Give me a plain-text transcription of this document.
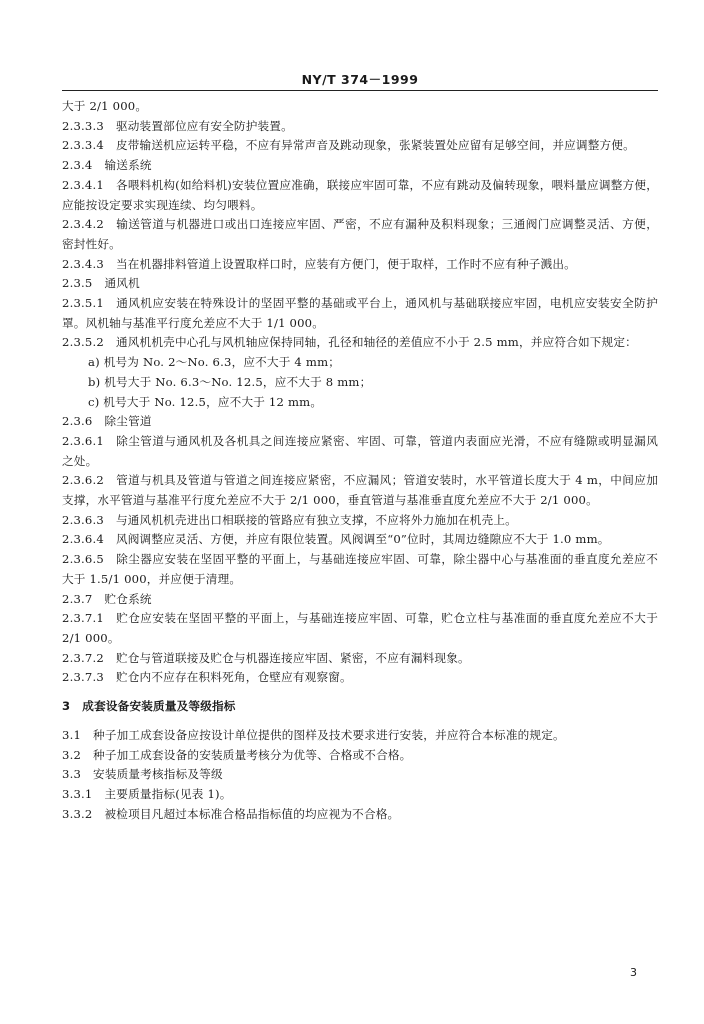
NY/T 374－1999

大于 2/1 000。

2.3.3.3 驱动装置部位应有安全防护装置。

2.3.3.4 皮带输送机应运转平稳，不应有异常声音及跳动现象，张紧装置处应留有足够空间，并应调整方便。

2.3.4 输送系统

2.3.4.1 各喂料机构(如给料机)安装位置应准确，联接应牢固可靠，不应有跳动及偏转现象，喂料量应调整方便，应能按设定要求实现连续、均匀喂料。

2.3.4.2 输送管道与机器进口或出口连接应牢固、严密，不应有漏种及积料现象；三通阀门应调整灵活、方便，密封性好。

2.3.4.3 当在机器排料管道上设置取样口时，应装有方便门，便于取样，工作时不应有种子溅出。

2.3.5 通风机

2.3.5.1 通风机应安装在特殊设计的坚固平整的基础或平台上，通风机与基础联接应牢固，电机应安装安全防护罩。风机轴与基准平行度允差应不大于 1/1 000。

2.3.5.2 通风机机壳中心孔与风机轴应保持同轴，孔径和轴径的差值应不小于 2.5 mm，并应符合如下规定：

a) 机号为 No. 2～No. 6.3，应不大于 4 mm；

b) 机号大于 No. 6.3～No. 12.5，应不大于 8 mm；

c) 机号大于 No. 12.5，应不大于 12 mm。

2.3.6 除尘管道

2.3.6.1 除尘管道与通风机及各机具之间连接应紧密、牢固、可靠，管道内表面应光滑，不应有缝隙或明显漏风之处。

2.3.6.2 管道与机具及管道与管道之间连接应紧密，不应漏风；管道安装时，水平管道长度大于 4 m，中间应加支撑，水平管道与基准平行度允差应不大于 2/1 000，垂直管道与基准垂直度允差应不大于 2/1 000。

2.3.6.3 与通风机机壳进出口相联接的管路应有独立支撑，不应将外力施加在机壳上。

2.3.6.4 风阀调整应灵活、方便，并应有限位装置。风阀调至“0”位时，其周边缝隙应不大于 1.0 mm。

2.3.6.5 除尘器应安装在坚固平整的平面上，与基础连接应牢固、可靠，除尘器中心与基准面的垂直度允差应不大于 1.5/1 000，并应便于清理。

2.3.7 贮仓系统

2.3.7.1 贮仓应安装在坚固平整的平面上，与基础连接应牢固、可靠，贮仓立柱与基准面的垂直度允差应不大于 2/1 000。

2.3.7.2 贮仓与管道联接及贮仓与机器连接应牢固、紧密，不应有漏料现象。

2.3.7.3 贮仓内不应存在积料死角，仓壁应有观察窗。

3 成套设备安装质量及等级指标

3.1 种子加工成套设备应按设计单位提供的图样及技术要求进行安装，并应符合本标准的规定。

3.2 种子加工成套设备的安装质量考核分为优等、合格或不合格。

3.3 安装质量考核指标及等级

3.3.1 主要质量指标(见表 1)。

3.3.2 被检项目凡超过本标准合格品指标值的均应视为不合格。

3
